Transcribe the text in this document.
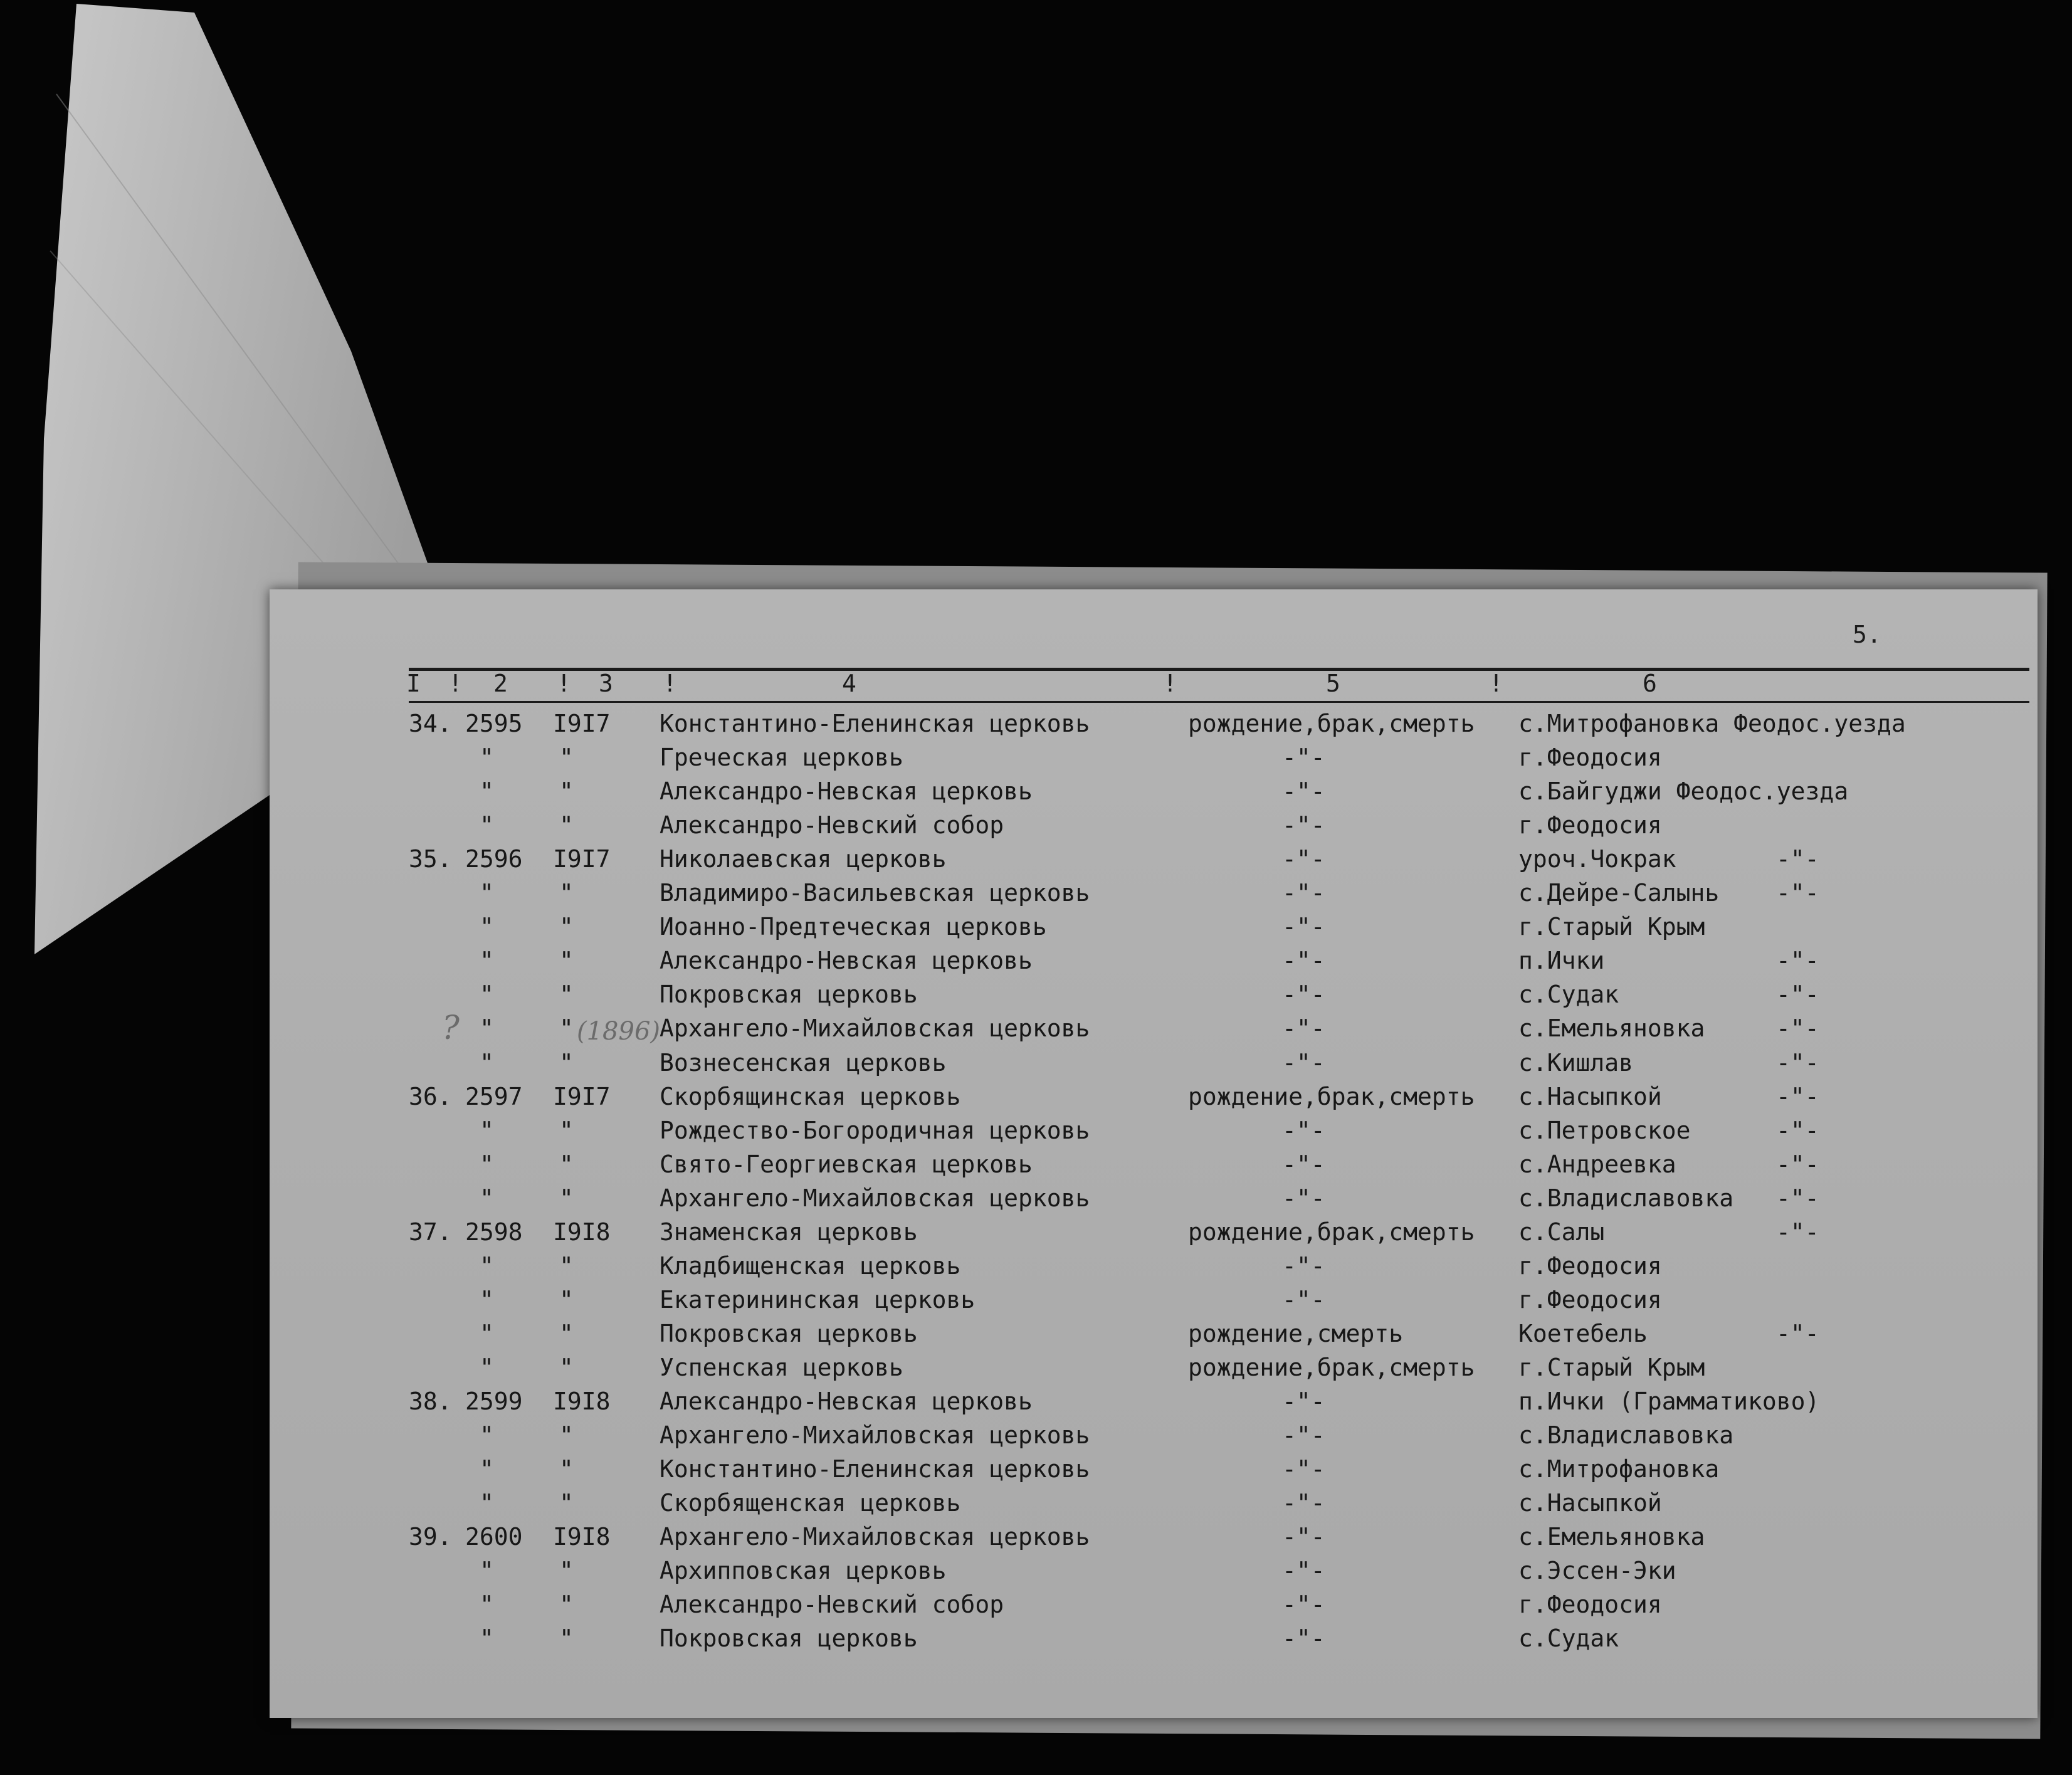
5.
I ! 2 ! 3 !	4	!	5	!	6
34. 2595 I9I7 Константино-Еленинская церковь	рождение,брак,смерть с.Митрофановка Феодос.уезда
"	"	Греческая церковь	-"-	г.Феодосия
"	"	Александро-Невская церковь	-"-	с.Байгуджи Феодос.уезда
"	"	Александро-Невский собор	-"-	г.Феодосия
35. 2596 I9I7 Николаевская церковь	-"-	уроч.Чокрак	-"-
"	"	Владимиро-Васильевская церковь	-"-	с.Дейре-Салынь -"-
"	"	Иоанно-Предтеческая церковь	-"-	г.Старый Крым
"	"	Александро-Невская церковь	-"-	п.Ички	-"-
"	"	Покровская церковь	-"-	с.Судак	-"-
"	"	Архангело-Михайловская церковь	-"-	с.Емельяновка	-"-
"	"	Вознесенская церковь	-"-	с.Кишлав	-"-
36. 2597 I9I7 Скорбящинская церковь	рождение,брак,смерть с.Насыпкой	-"-
"	"	Рождество-Богородичная церковь	-"-	с.Петровское	-"-
"	"	Свято-Георгиевская церковь	-"-	с.Андреевка	-"-
"	"	Архангело-Михайловская церковь	-"-	с.Владиславовка -"-
37. 2598 I9I8 Знаменская церковь	рождение,брак,смерть с.Салы	-"-
"	"	Кладбищенская церковь	-"-	г.Феодосия
"	"	Екатерининская церковь	-"-	г.Феодосия
"	"	Покровская церковь	рождение,смерть	Коетебель	-"-
"	"	Успенская церковь	рождение,брак,смерть г.Старый Крым
38. 2599 I9I8 Александро-Невская церковь	-"-	п.Ички (Грамматиково)
"	"	Архангело-Михайловская церковь	-"-	с.Владиславовка
"	"	Константино-Еленинская церковь	-"-	с.Митрофановка
"	"	Скорбященская церковь	-"-	с.Насыпкой
39. 2600 I9I8 Архангело-Михайловская церковь	-"-	с.Емельяновка
"	"	Архипповская церковь	-"-	с.Эссен-Эки
"	"	Александро-Невский собор	-"-	г.Феодосия
"	"	Покровская церковь	-"-	с.Судак
?	(1896)
